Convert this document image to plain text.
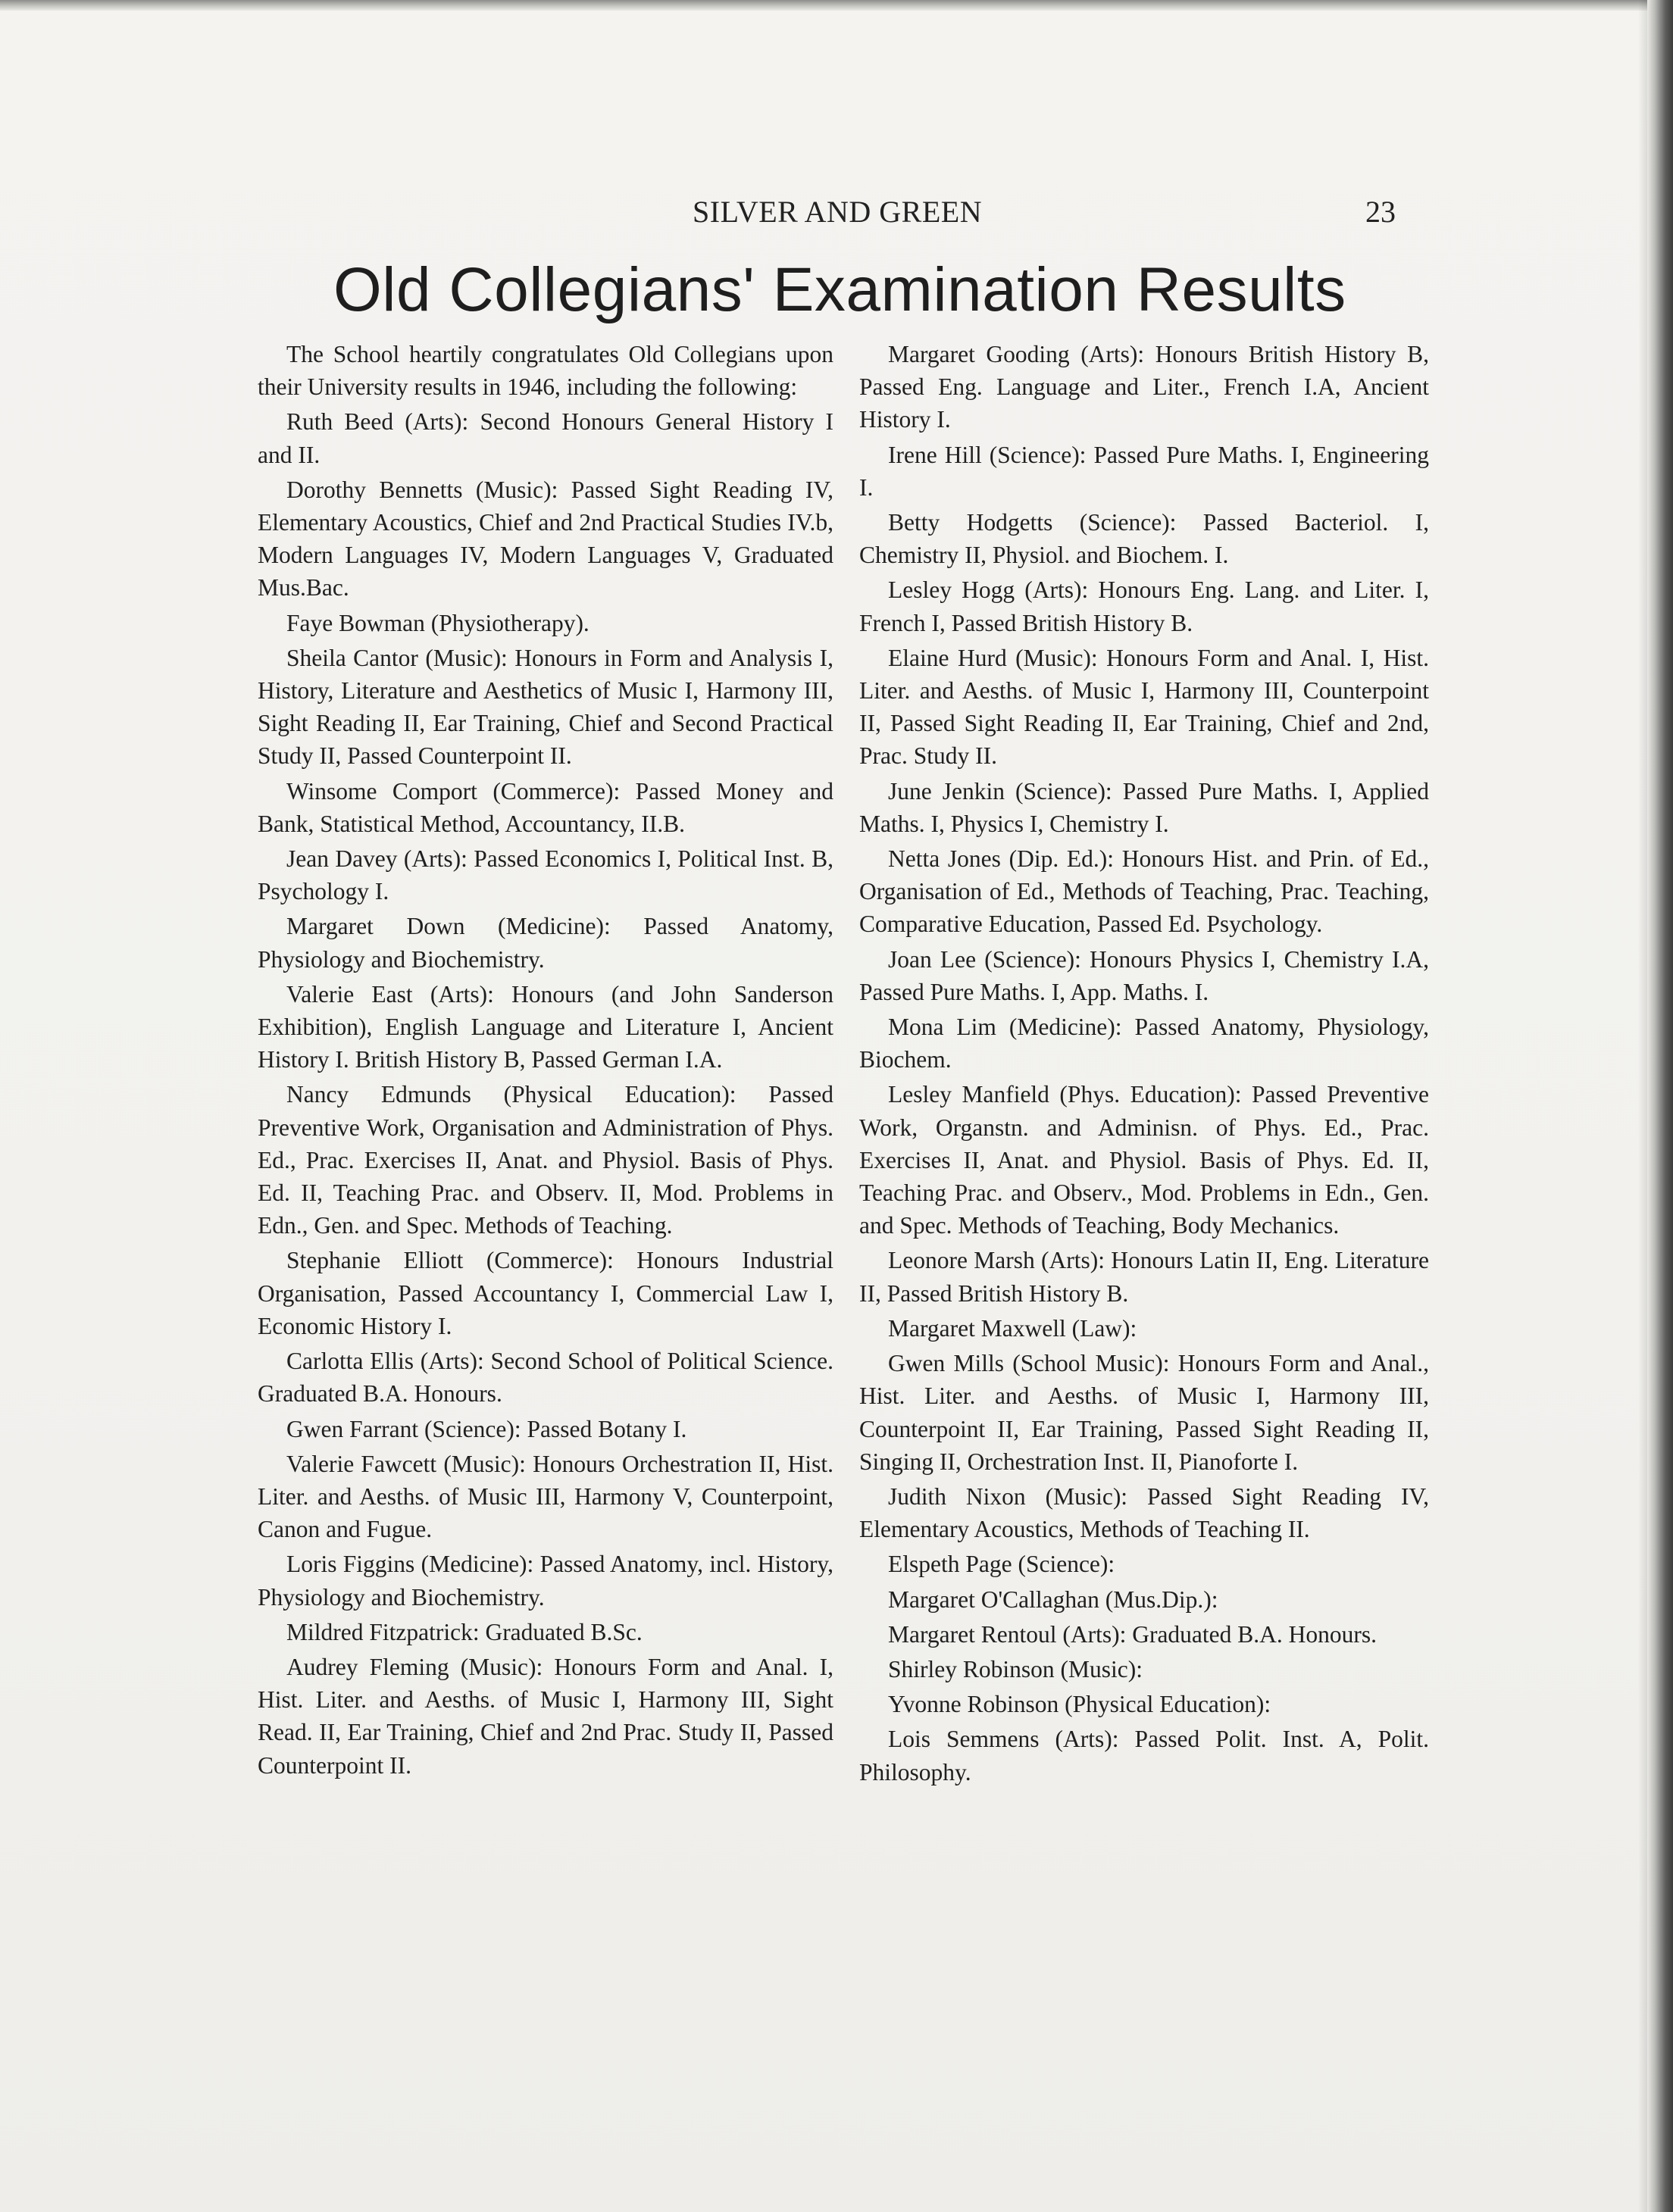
SILVER AND GREEN	23
Old Collegians' Examination Results

The School heartily congratulates Old Collegians upon their University results in 1946, including the following:

Ruth Beed (Arts): Second Honours General History I and II.

Dorothy Bennetts (Music): Passed Sight Reading IV, Elementary Acoustics, Chief and 2nd Practical Studies IV.b, Modern Languages IV, Modern Languages V, Graduated Mus.Bac.

Faye Bowman (Physiotherapy).

Sheila Cantor (Music): Honours in Form and Analysis I, History, Literature and Aesthetics of Music I, Harmony III, Sight Reading II, Ear Training, Chief and Second Practical Study II, Passed Counterpoint II.

Winsome Comport (Commerce): Passed Money and Bank, Statistical Method, Accountancy, II.B.

Jean Davey (Arts): Passed Economics I, Political Inst. B, Psychology I.

Margaret Down (Medicine): Passed Anatomy, Physiology and Biochemistry.

Valerie East (Arts): Honours (and John Sanderson Exhibition), English Language and Literature I, Ancient History I. British History B, Passed German I.A.

Nancy Edmunds (Physical Education): Passed Preventive Work, Organisation and Administration of Phys. Ed., Prac. Exercises II, Anat. and Physiol. Basis of Phys. Ed. II, Teaching Prac. and Observ. II, Mod. Problems in Edn., Gen. and Spec. Methods of Teaching.

Stephanie Elliott (Commerce): Honours Industrial Organisation, Passed Accountancy I, Commercial Law I, Economic History I.

Carlotta Ellis (Arts): Second School of Political Science. Graduated B.A. Honours.

Gwen Farrant (Science): Passed Botany I.

Valerie Fawcett (Music): Honours Orchestration II, Hist. Liter. and Aesths. of Music III, Harmony V, Counterpoint, Canon and Fugue.

Loris Figgins (Medicine): Passed Anatomy, incl. History, Physiology and Biochemistry.

Mildred Fitzpatrick: Graduated B.Sc.

Audrey Fleming (Music): Honours Form and Anal. I, Hist. Liter. and Aesths. of Music I, Harmony III, Sight Read. II, Ear Training, Chief and 2nd Prac. Study II, Passed Counterpoint II.

Margaret Gooding (Arts): Honours British History B, Passed Eng. Language and Liter., French I.A, Ancient History I.

Irene Hill (Science): Passed Pure Maths. I, Engineering I.

Betty Hodgetts (Science): Passed Bacteriol. I, Chemistry II, Physiol. and Biochem. I.

Lesley Hogg (Arts): Honours Eng. Lang. and Liter. I, French I, Passed British History B.

Elaine Hurd (Music): Honours Form and Anal. I, Hist. Liter. and Aesths. of Music I, Harmony III, Counterpoint II, Passed Sight Reading II, Ear Training, Chief and 2nd, Prac. Study II.

June Jenkin (Science): Passed Pure Maths. I, Applied Maths. I, Physics I, Chemistry I.

Netta Jones (Dip. Ed.): Honours Hist. and Prin. of Ed., Organisation of Ed., Methods of Teaching, Prac. Teaching, Comparative Education, Passed Ed. Psychology.

Joan Lee (Science): Honours Physics I, Chemistry I.A, Passed Pure Maths. I, App. Maths. I.

Mona Lim (Medicine): Passed Anatomy, Physiology, Biochem.

Lesley Manfield (Phys. Education): Passed Preventive Work, Organstn. and Adminisn. of Phys. Ed., Prac. Exercises II, Anat. and Physiol. Basis of Phys. Ed. II, Teaching Prac. and Observ., Mod. Problems in Edn., Gen. and Spec. Methods of Teaching, Body Mechanics.

Leonore Marsh (Arts): Honours Latin II, Eng. Literature II, Passed British History B.

Margaret Maxwell (Law):

Gwen Mills (School Music): Honours Form and Anal., Hist. Liter. and Aesths. of Music I, Harmony III, Counterpoint II, Ear Training, Passed Sight Reading II, Singing II, Orchestration Inst. II, Pianoforte I.

Judith Nixon (Music): Passed Sight Reading IV, Elementary Acoustics, Methods of Teaching II.

Elspeth Page (Science):

Margaret O'Callaghan (Mus.Dip.):

Margaret Rentoul (Arts): Graduated B.A. Honours.

Shirley Robinson (Music):

Yvonne Robinson (Physical Education):

Lois Semmens (Arts): Passed Polit. Inst. A, Polit. Philosophy.
